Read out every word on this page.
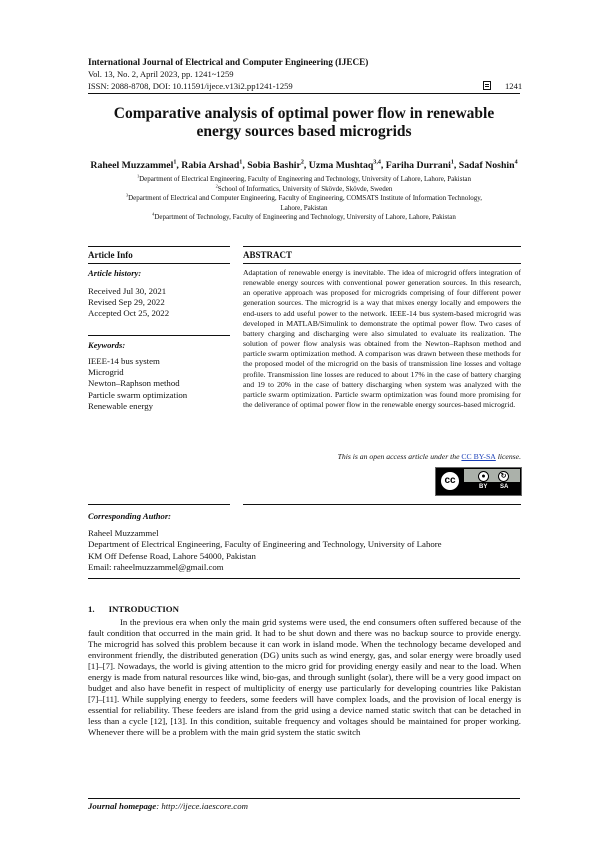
International Journal of Electrical and Computer Engineering (IJECE)
Vol. 13, No. 2, April 2023, pp. 1241~1259
ISSN: 2088-8708, DOI: 10.11591/ijece.v13i2.pp1241-1259	1241
Comparative analysis of optimal power flow in renewable
energy sources based microgrids
Raheel Muzzammel$^1$, Rabia Arshad$^1$, Sobia Bashir$^2$, Uzma Mushtaq$^{3,4}$, Fariha Durrani$^1$, Sadaf Noshin$^4$
$^1$Department of Electrical Engineering, Faculty of Engineering and Technology, University of Lahore, Lahore, Pakistan
$^2$School of Informatics, University of Skövde, Skövde, Sweden
$^3$Department of Electrical and Computer Engineering, Faculty of Engineering, COMSATS Institute of Information Technology,
Lahore, Pakistan
$^4$Department of Technology, Faculty of Engineering and Technology, University of Lahore, Lahore, Pakistan
Article Info	ABSTRACT
Article history:
Received Jul 30, 2021
Revised Sep 29, 2022
Accepted Oct 25, 2022
Keywords:
IEEE-14 bus system
Microgrid
Newton–Raphson method
Particle swarm optimization
Renewable energy
Adaptation of renewable energy is inevitable. The idea of microgrid offers integration of renewable energy sources with conventional power generation sources. In this research, an operative approach was proposed for microgrids comprising of four different power generation sources. The microgrid is a way that mixes energy locally and empowers the end-users to add useful power to the network. IEEE-14 bus system-based microgrid was developed in MATLAB/Simulink to demonstrate the optimal power flow. Two cases of battery charging and discharging were also simulated to evaluate its realization. The solution of power flow analysis was obtained from the Newton–Raphson method and particle swarm optimization method. A comparison was drawn between these methods for the proposed model of the microgrid on the basis of transmission line losses and voltage profile. Transmission line losses are reduced to about 17% in the case of battery charging and 19 to 20% in the case of battery discharging when system was analyzed with the particle swarm optimization. Particle swarm optimization was found more promising for the deliverance of optimal power flow in the renewable energy sources-based microgrid.
This is an open access article under the CC BY-SA license.
cc	●	↻
BY SA
Corresponding Author:
Raheel Muzzammel
Department of Electrical Engineering, Faculty of Engineering and Technology, University of Lahore
KM Off Defense Road, Lahore 54000, Pakistan
Email: raheelmuzzammel@gmail.com
1. INTRODUCTION
In the previous era when only the main grid systems were used, the end consumers often suffered because of the fault condition that occurred in the main grid. It had to be shut down and there was no backup source to provide energy. The microgrid has solved this problem because it can work in island mode. When the technology became developed and environment friendly, the distributed generation (DG) units such as wind energy, gas, and solar energy were broadly used [1]–[7]. Nowadays, the world is giving attention to the micro grid for providing energy easily and near to the load. When energy is made from natural resources like wind, bio-gas, and through sunlight (solar), there will be a very good impact on budget and also have benefit in respect of multiplicity of energy use particularly for developing countries like Pakistan [7]–[11]. While supplying energy to feeders, some feeders will have complex loads, and the provision of local energy is essential for reliability. These feeders are island from the grid using a device named static switch that can be detached in less than a cycle [12], [13]. In this condition, suitable frequency and voltages should be maintained for proper working. Whenever there will be a problem with the main grid system the static switch
Journal homepage: http://ijece.iaescore.com
